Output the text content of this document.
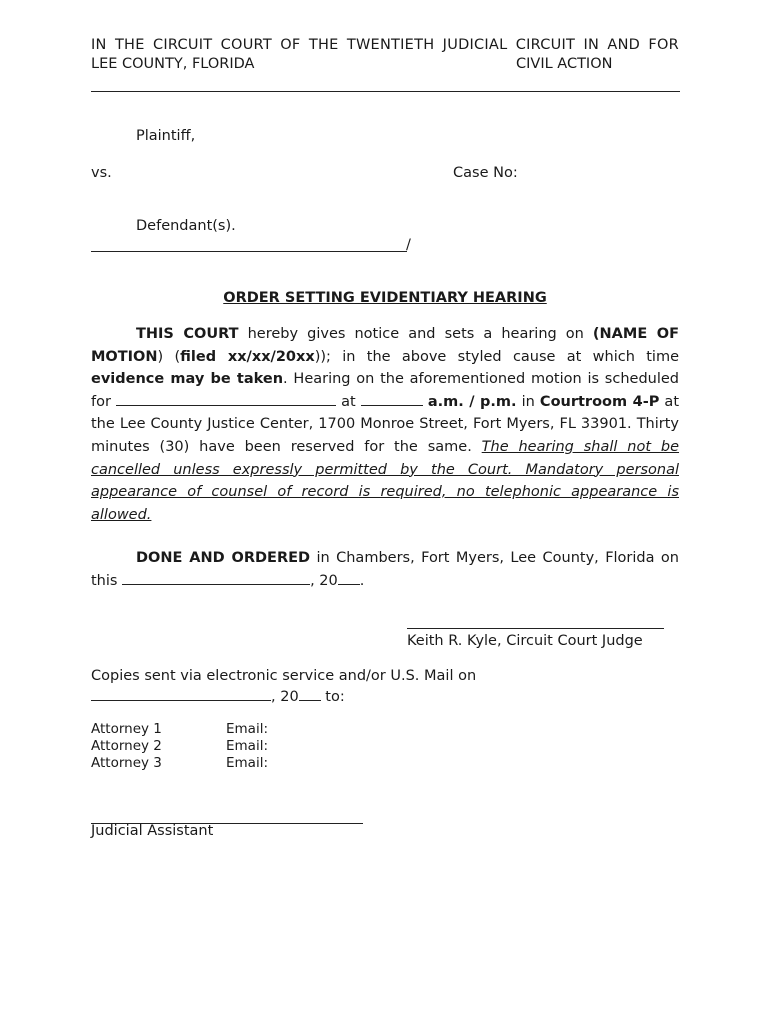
IN THE CIRCUIT COURT OF THE TWENTIETH JUDICIAL CIRCUIT IN AND FOR
LEE COUNTY, FLORIDA	CIVIL ACTION
Plaintiff,
vs.	Case No:
Defendant(s).
/
ORDER SETTING EVIDENTIARY HEARING
THIS COURT hereby gives notice and sets a hearing on (NAME OF MOTION) (filed xx/xx/20xx)); in the above styled cause at which time evidence may be taken. Hearing on the aforementioned motion is scheduled for	at	a.m. / p.m. in Courtroom 4-P at the Lee County Justice Center, 1700 Monroe Street, Fort Myers, FL 33901. Thirty minutes (30) have been reserved for the same. The hearing shall not be cancelled unless expressly permitted by the Court. Mandatory personal appearance of counsel of record is required, no telephonic appearance is allowed.
DONE AND ORDERED in Chambers, Fort Myers, Lee County, Florida on this	, 20 .
Keith R. Kyle, Circuit Court Judge
Copies sent via electronic service and/or U.S. Mail on
, 20 to:
Attorney 1	Email:
Attorney 2	Email:
Attorney 3	Email:
Judicial Assistant
